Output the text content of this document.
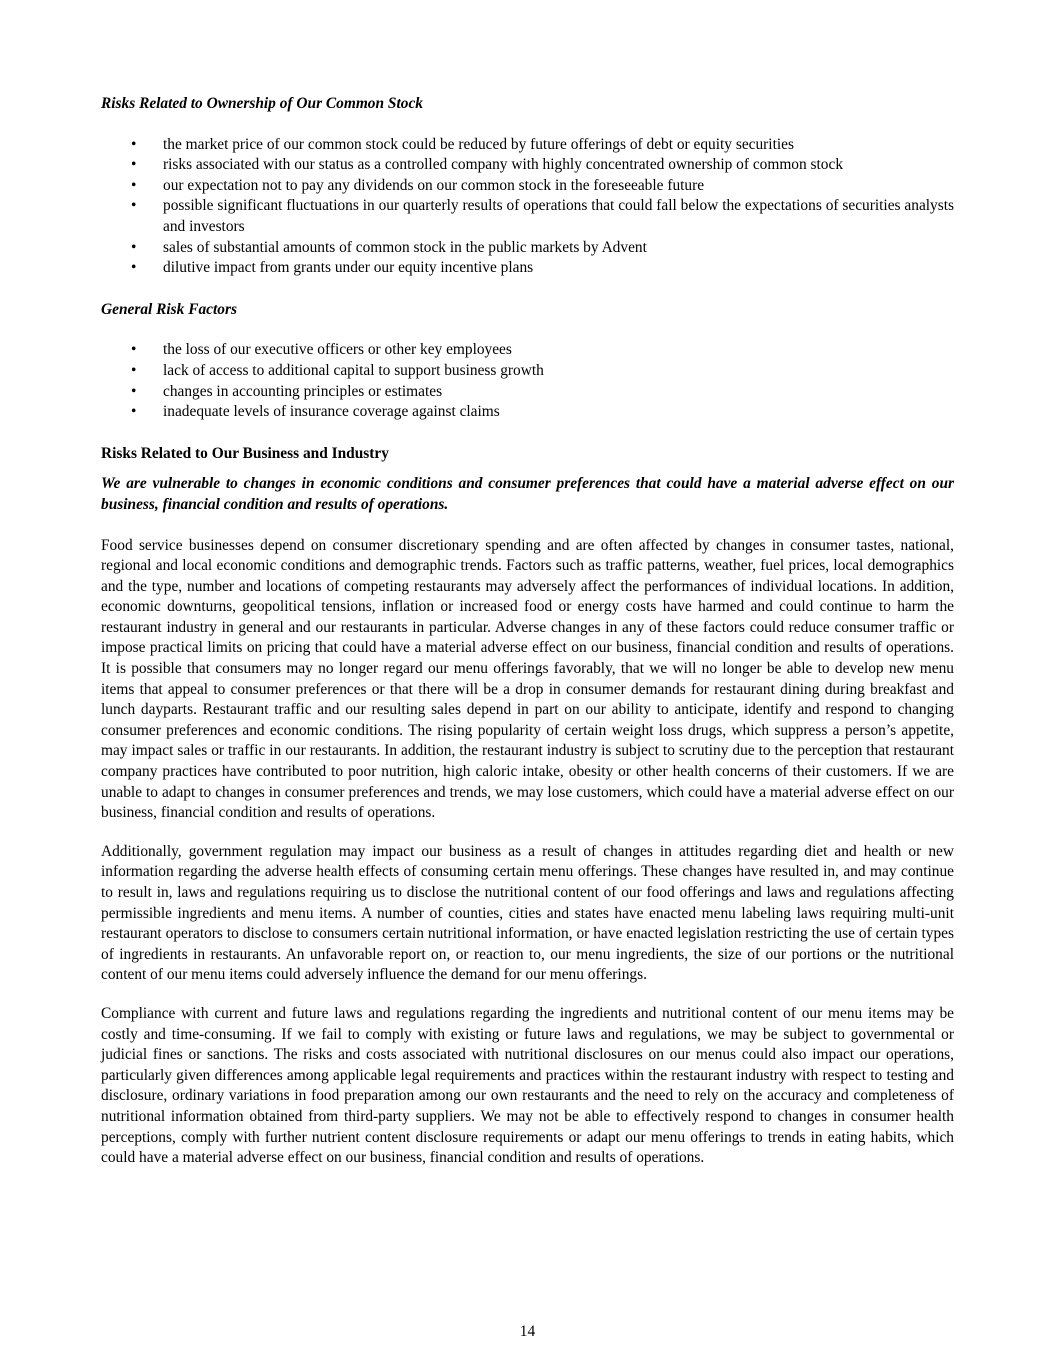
Risks Related to Ownership of Our Common Stock
• the market price of our common stock could be reduced by future offerings of debt or equity securities
• risks associated with our status as a controlled company with highly concentrated ownership of common stock
• our expectation not to pay any dividends on our common stock in the foreseeable future
• possible significant fluctuations in our quarterly results of operations that could fall below the expectations of securities analysts and investors
• sales of substantial amounts of common stock in the public markets by Advent
• dilutive impact from grants under our equity incentive plans
General Risk Factors
• the loss of our executive officers or other key employees
• lack of access to additional capital to support business growth
• changes in accounting principles or estimates
• inadequate levels of insurance coverage against claims
Risks Related to Our Business and Industry
We are vulnerable to changes in economic conditions and consumer preferences that could have a material adverse effect on our business, financial condition and results of operations.

Food service businesses depend on consumer discretionary spending and are often affected by changes in consumer tastes, national, regional and local economic conditions and demographic trends. Factors such as traffic patterns, weather, fuel prices, local demographics and the type, number and locations of competing restaurants may adversely affect the performances of individual locations. In addition, economic downturns, geopolitical tensions, inflation or increased food or energy costs have harmed and could continue to harm the restaurant industry in general and our restaurants in particular. Adverse changes in any of these factors could reduce consumer traffic or impose practical limits on pricing that could have a material adverse effect on our business, financial condition and results of operations. It is possible that consumers may no longer regard our menu offerings favorably, that we will no longer be able to develop new menu items that appeal to consumer preferences or that there will be a drop in consumer demands for restaurant dining during breakfast and lunch dayparts. Restaurant traffic and our resulting sales depend in part on our ability to anticipate, identify and respond to changing consumer preferences and economic conditions. The rising popularity of certain weight loss drugs, which suppress a person’s appetite, may impact sales or traffic in our restaurants. In addition, the restaurant industry is subject to scrutiny due to the perception that restaurant company practices have contributed to poor nutrition, high caloric intake, obesity or other health concerns of their customers. If we are unable to adapt to changes in consumer preferences and trends, we may lose customers, which could have a material adverse effect on our business, financial condition and results of operations.

Additionally, government regulation may impact our business as a result of changes in attitudes regarding diet and health or new information regarding the adverse health effects of consuming certain menu offerings. These changes have resulted in, and may continue to result in, laws and regulations requiring us to disclose the nutritional content of our food offerings and laws and regulations affecting permissible ingredients and menu items. A number of counties, cities and states have enacted menu labeling laws requiring multi-unit restaurant operators to disclose to consumers certain nutritional information, or have enacted legislation restricting the use of certain types of ingredients in restaurants. An unfavorable report on, or reaction to, our menu ingredients, the size of our portions or the nutritional content of our menu items could adversely influence the demand for our menu offerings.

Compliance with current and future laws and regulations regarding the ingredients and nutritional content of our menu items may be costly and time-consuming. If we fail to comply with existing or future laws and regulations, we may be subject to governmental or judicial fines or sanctions. The risks and costs associated with nutritional disclosures on our menus could also impact our operations, particularly given differences among applicable legal requirements and practices within the restaurant industry with respect to testing and disclosure, ordinary variations in food preparation among our own restaurants and the need to rely on the accuracy and completeness of nutritional information obtained from third-party suppliers. We may not be able to effectively respond to changes in consumer health perceptions, comply with further nutrient content disclosure requirements or adapt our menu offerings to trends in eating habits, which could have a material adverse effect on our business, financial condition and results of operations.

14
